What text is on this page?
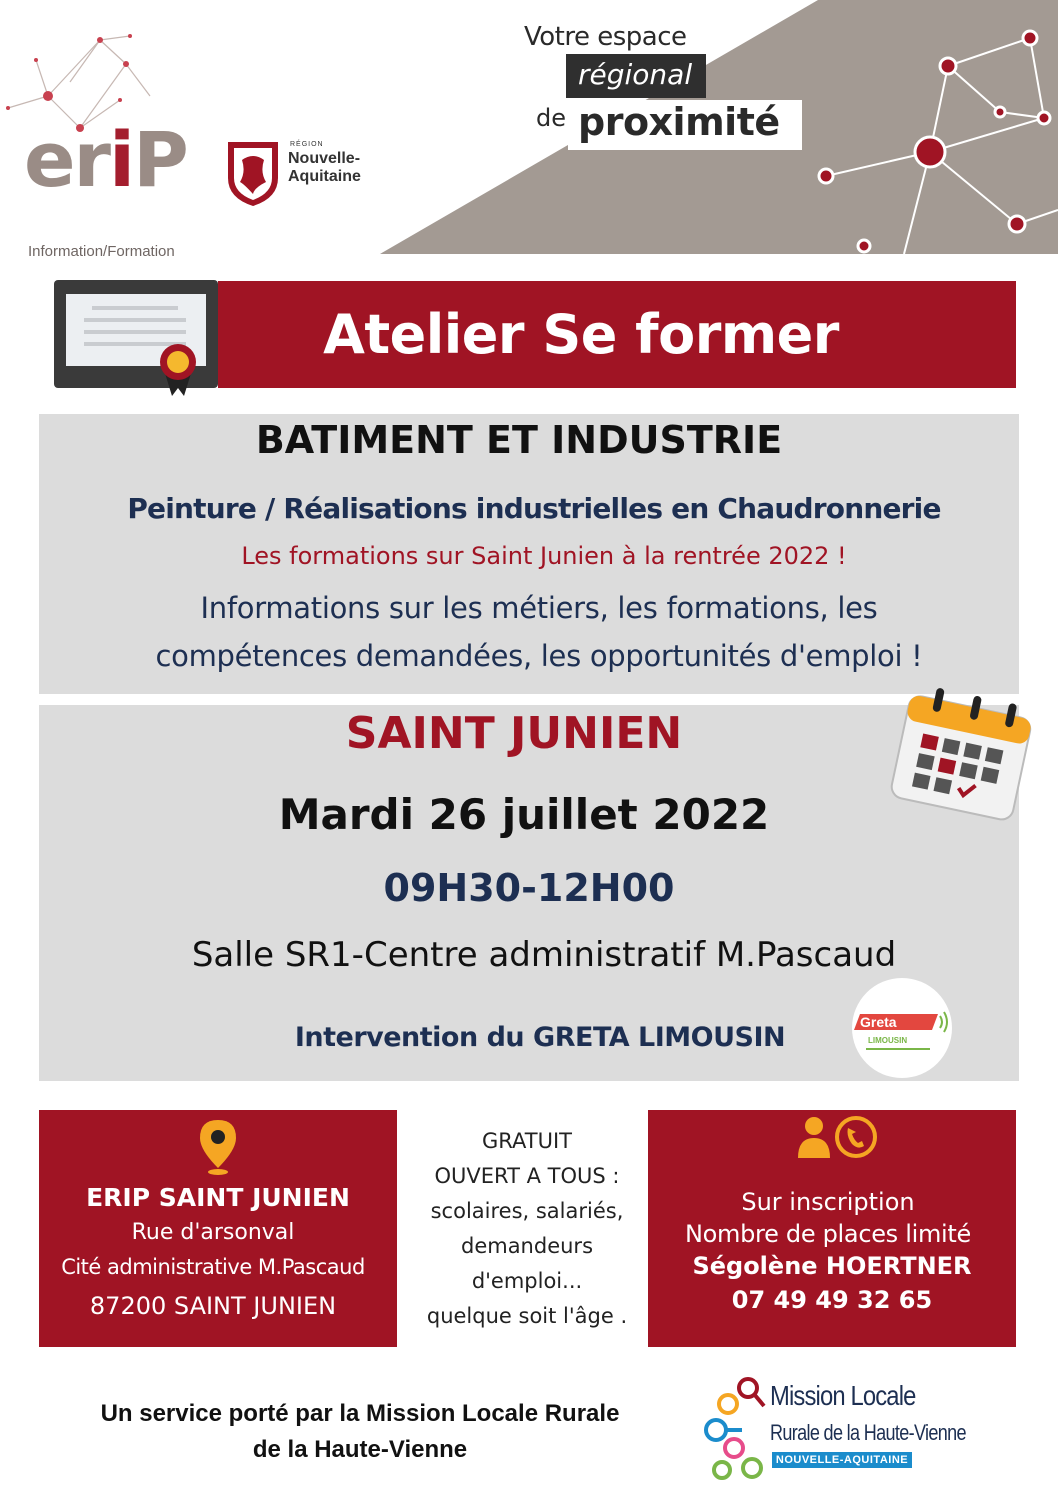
eriP
Information/Formation
RÉGION
Nouvelle-
Aquitaine
Votre espace
régional
de proximité
Atelier Se former
BATIMENT ET INDUSTRIE
Peinture / Réalisations industrielles en Chaudronnerie
Les formations sur Saint Junien à la rentrée 2022 !
Informations sur les métiers, les formations, les
compétences demandées, les opportunités d'emploi !
SAINT JUNIEN
Mardi 26 juillet 2022
09H30-12H00
Salle SR1-Centre administratif M.Pascaud
Intervention du GRETA LIMOUSIN	Greta
LIMOUSIN
ERIP SAINT JUNIEN
Rue d'arsonval
Cité administrative M.Pascaud
87200 SAINT JUNIEN
GRATUIT
OUVERT A TOUS :
scolaires, salariés,
demandeurs
d'emploi...
quelque soit l'âge .
Sur inscription
Nombre de places limité
Ségolène HOERTNER
07 49 49 32 65
Un service porté par la Mission Locale Rurale
de la Haute-Vienne
Mission Locale
Rurale de la Haute-Vienne
NOUVELLE-AQUITAINE
